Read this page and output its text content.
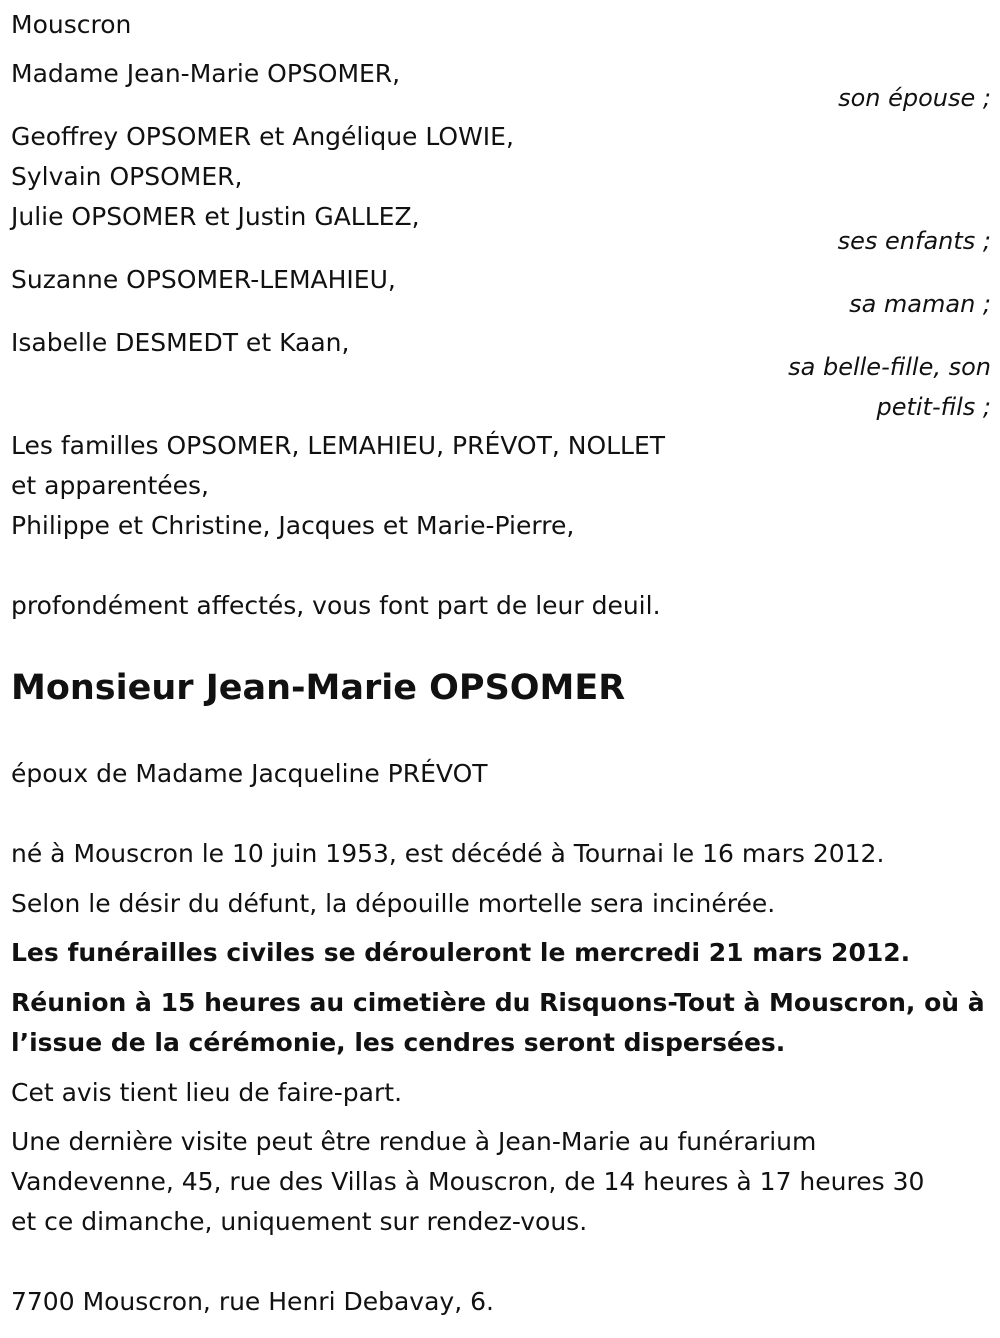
Mouscron
Madame Jean-Marie OPSOMER,
son épouse ;
Geoffrey OPSOMER et Angélique LOWIE,
Sylvain OPSOMER,
Julie OPSOMER et Justin GALLEZ,
ses enfants ;
Suzanne OPSOMER-LEMAHIEU,
sa maman ;
Isabelle DESMEDT et Kaan,
sa belle-fille, son
petit-fils ;
Les familles OPSOMER, LEMAHIEU, PRÉVOT, NOLLET
et apparentées,
Philippe et Christine, Jacques et Marie-Pierre,
profondément affectés, vous font part de leur deuil.
Monsieur Jean-Marie OPSOMER
époux de Madame Jacqueline PRÉVOT
né à Mouscron le 10 juin 1953, est décédé à Tournai le 16 mars 2012.
Selon le désir du défunt, la dépouille mortelle sera incinérée.
Les funérailles civiles se dérouleront le mercredi 21 mars 2012.
Réunion à 15 heures au cimetière du Risquons-Tout à Mouscron, où à
l’issue de la cérémonie, les cendres seront dispersées.
Cet avis tient lieu de faire-part.
Une dernière visite peut être rendue à Jean-Marie au funérarium
Vandevenne, 45, rue des Villas à Mouscron, de 14 heures à 17 heures 30
et ce dimanche, uniquement sur rendez-vous.
7700 Mouscron, rue Henri Debavay, 6.
